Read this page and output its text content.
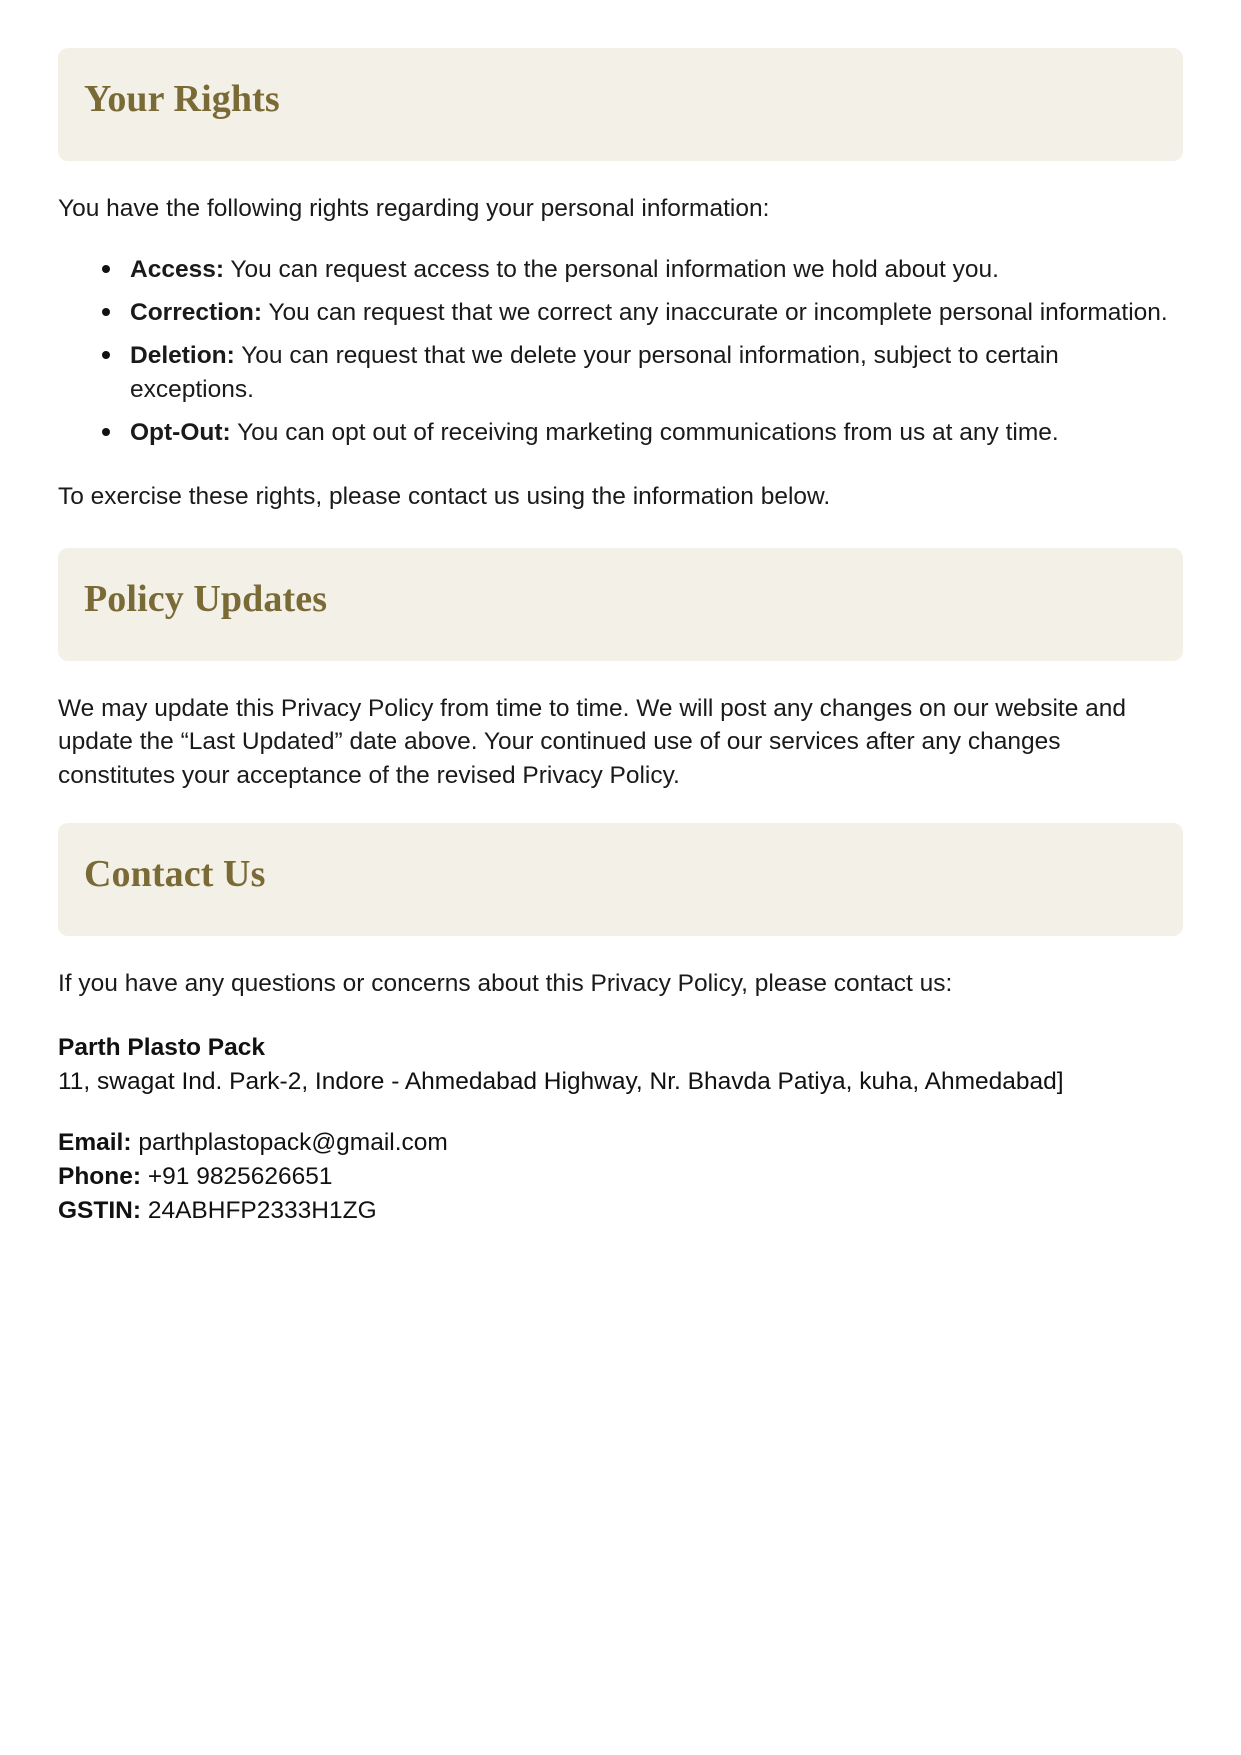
Your Rights

You have the following rights regarding your personal information:

Access: You can request access to the personal information we hold about you.
Correction: You can request that we correct any inaccurate or incomplete personal information.
Deletion: You can request that we delete your personal information, subject to certain exceptions.
Opt-Out: You can opt out of receiving marketing communications from us at any time.

To exercise these rights, please contact us using the information below.

Policy Updates

We may update this Privacy Policy from time to time. We will post any changes on our website and update the “Last Updated” date above. Your continued use of our services after any changes constitutes your acceptance of the revised Privacy Policy.

Contact Us

If you have any questions or concerns about this Privacy Policy, please contact us:

Parth Plasto Pack
11, swagat Ind. Park-2, Indore - Ahmedabad Highway, Nr. Bhavda Patiya, kuha, Ahmedabad]
Email: parthplastopack@gmail.com
Phone: +91 9825626651
GSTIN: 24ABHFP2333H1ZG
